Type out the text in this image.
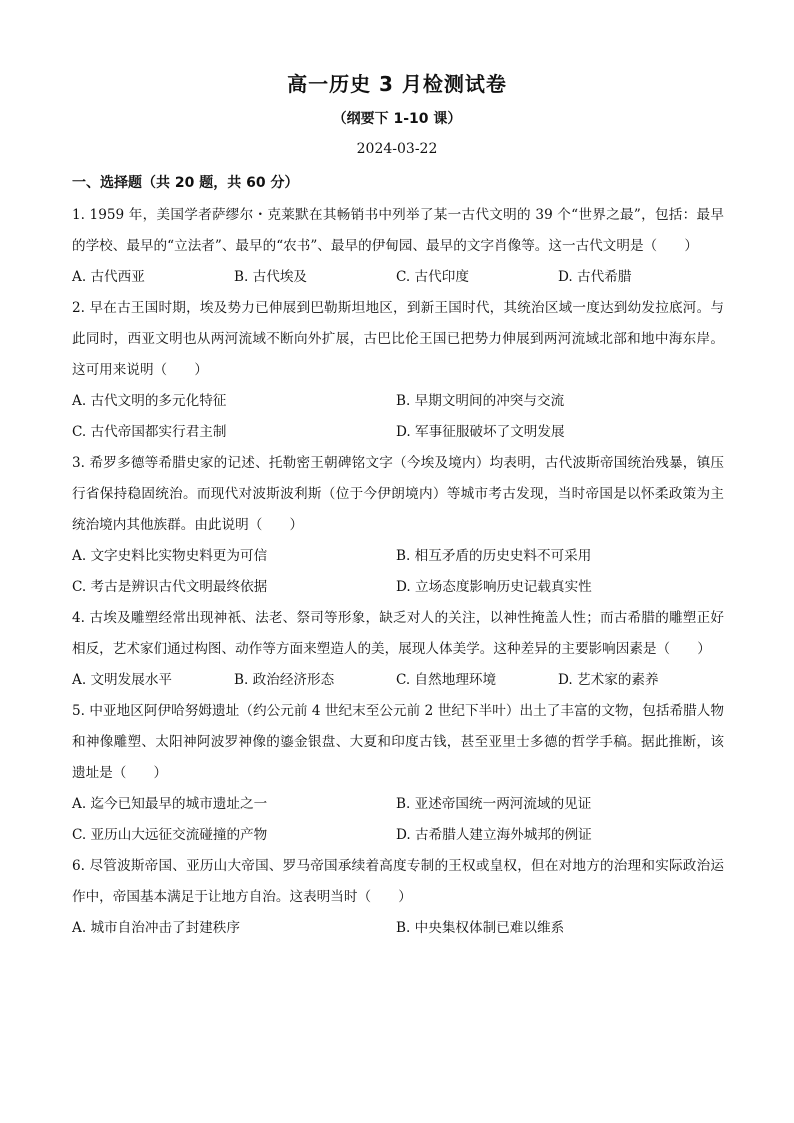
高一历史 3 月检测试卷
（纲要下 1-10 课）
2024-03-22
一、选择题（共 20 题，共 60 分）

1. 1959 年，美国学者萨缪尔・克莱默在其畅销书中列举了某一古代文明的 39 个“世界之最”，包括：最早的学校、最早的“立法者”、最早的“农书”、最早的伊甸园、最早的文字肖像等。这一古代文明是（　　）

A. 古代西亚	B. 古代埃及	C. 古代印度	D. 古代希腊

2. 早在古王国时期，埃及势力已伸展到巴勒斯坦地区，到新王国时代，其统治区域一度达到幼发拉底河。与此同时，西亚文明也从两河流域不断向外扩展，古巴比伦王国已把势力伸展到两河流域北部和地中海东岸。这可用来说明（　　）

A. 古代文明的多元化特征	B. 早期文明间的冲突与交流
C. 古代帝国都实行君主制	D. 军事征服破坏了文明发展

3. 希罗多德等希腊史家的记述、托勒密王朝碑铭文字（今埃及境内）均表明，古代波斯帝国统治残暴，镇压行省保持稳固统治。而现代对波斯波利斯（位于今伊朗境内）等城市考古发现，当时帝国是以怀柔政策为主统治境内其他族群。由此说明（　　）

A. 文字史料比实物史料更为可信	B. 相互矛盾的历史史料不可采用
C. 考古是辨识古代文明最终依据	D. 立场态度影响历史记载真实性

4. 古埃及雕塑经常出现神祇、法老、祭司等形象，缺乏对人的关注，以神性掩盖人性；而古希腊的雕塑正好相反，艺术家们通过构图、动作等方面来塑造人的美，展现人体美学。这种差异的主要影响因素是（　　）

A. 文明发展水平	B. 政治经济形态	C. 自然地理环境	D. 艺术家的素养

5. 中亚地区阿伊哈努姆遗址（约公元前 4 世纪末至公元前 2 世纪下半叶）出土了丰富的文物，包括希腊人物和神像雕塑、太阳神阿波罗神像的鎏金银盘、大夏和印度古钱，甚至亚里士多德的哲学手稿。据此推断，该遗址是（　　）

A. 迄今已知最早的城市遗址之一	B. 亚述帝国统一两河流域的见证
C. 亚历山大远征交流碰撞的产物	D. 古希腊人建立海外城邦的例证

6. 尽管波斯帝国、亚历山大帝国、罗马帝国承续着高度专制的王权或皇权，但在对地方的治理和实际政治运作中，帝国基本满足于让地方自治。这表明当时（　　）

A. 城市自治冲击了封建秩序	B. 中央集权体制已难以维系
